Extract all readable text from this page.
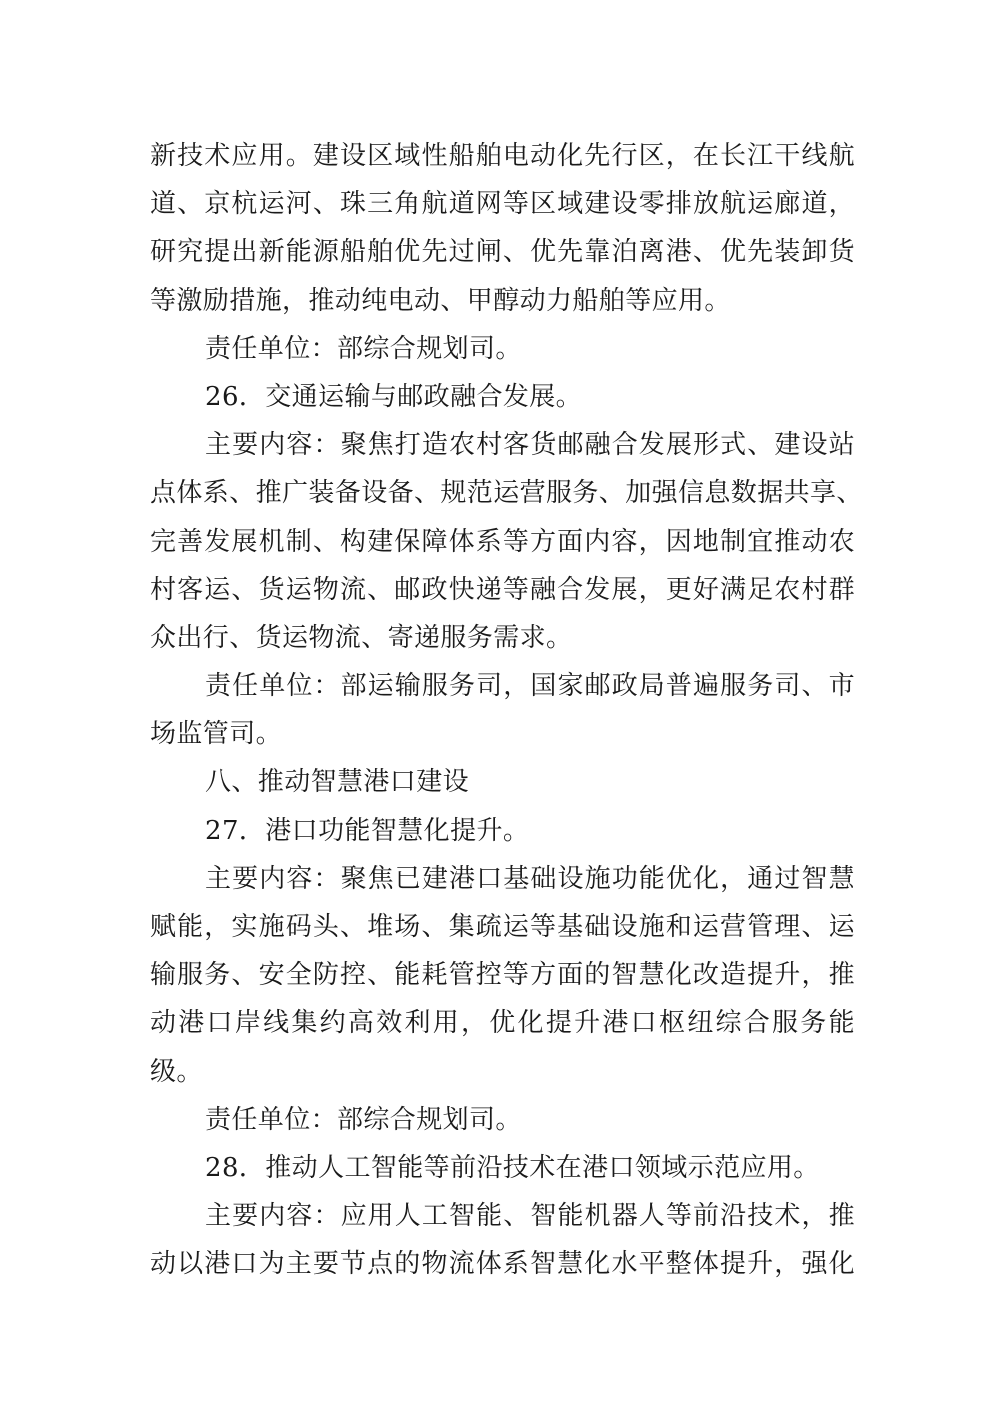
新技术应用。建设区域性船舶电动化先行区，在长江干线航
道、京杭运河、珠三角航道网等区域建设零排放航运廊道，
研究提出新能源船舶优先过闸、优先靠泊离港、优先装卸货
等激励措施，推动纯电动、甲醇动力船舶等应用。
责任单位：部综合规划司。
26．交通运输与邮政融合发展。
主要内容：聚焦打造农村客货邮融合发展形式、建设站
点体系、推广装备设备、规范运营服务、加强信息数据共享、
完善发展机制、构建保障体系等方面内容，因地制宜推动农
村客运、货运物流、邮政快递等融合发展，更好满足农村群
众出行、货运物流、寄递服务需求。
责任单位：部运输服务司，国家邮政局普遍服务司、市
场监管司。
八、推动智慧港口建设
27．港口功能智慧化提升。
主要内容：聚焦已建港口基础设施功能优化，通过智慧
赋能，实施码头、堆场、集疏运等基础设施和运营管理、运
输服务、安全防控、能耗管控等方面的智慧化改造提升，推
动港口岸线集约高效利用，优化提升港口枢纽综合服务能
级。
责任单位：部综合规划司。
28．推动人工智能等前沿技术在港口领域示范应用。
主要内容：应用人工智能、智能机器人等前沿技术，推
动以港口为主要节点的物流体系智慧化水平整体提升，强化
